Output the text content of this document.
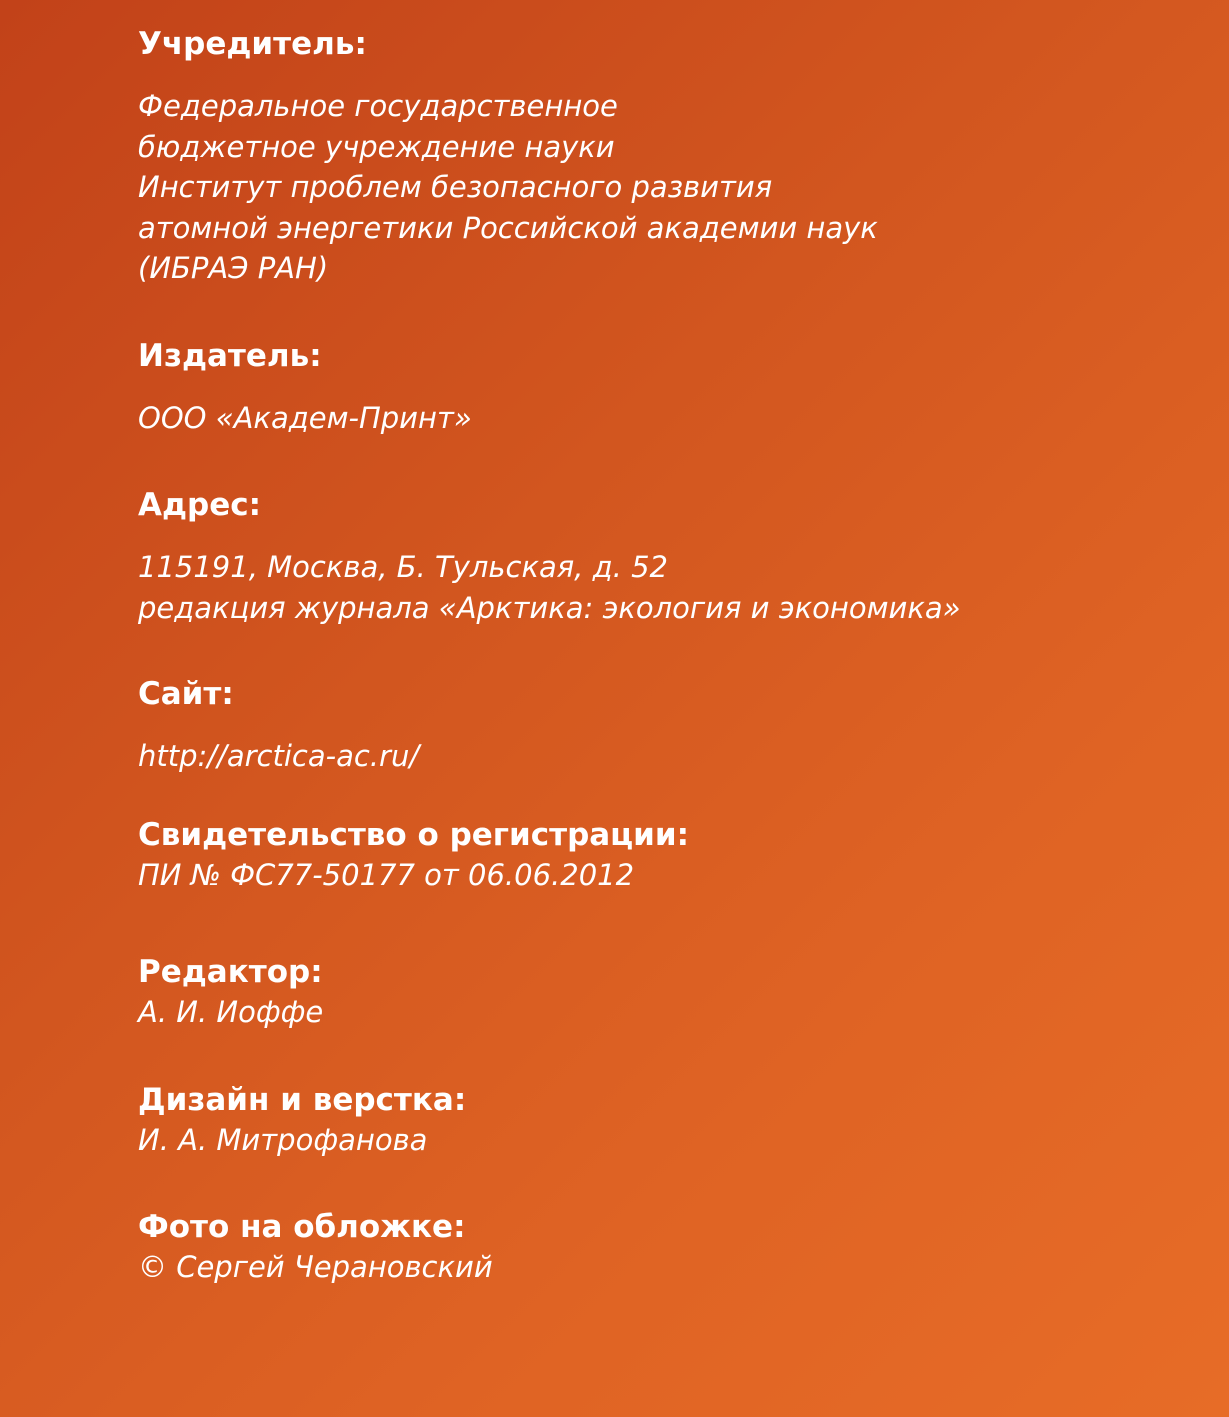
Учредитель:
Федеральное государственное
бюджетное учреждение науки
Институт проблем безопасного развития
атомной энергетики Российской академии наук
(ИБРАЭ РАН)
Издатель:
ООО «Академ-Принт»
Адрес:
115191, Москва, Б. Тульская, д. 52
редакция журнала «Арктика: экология и экономика»
Сайт:
http://arctica-ac.ru/
Свидетельство о регистрации:
ПИ № ФС77-50177 от 06.06.2012
Редактор:
А. И. Иоффе
Дизайн и верстка:
И. А. Митрофанова
Фото на обложке:
© Сергей Черановский
